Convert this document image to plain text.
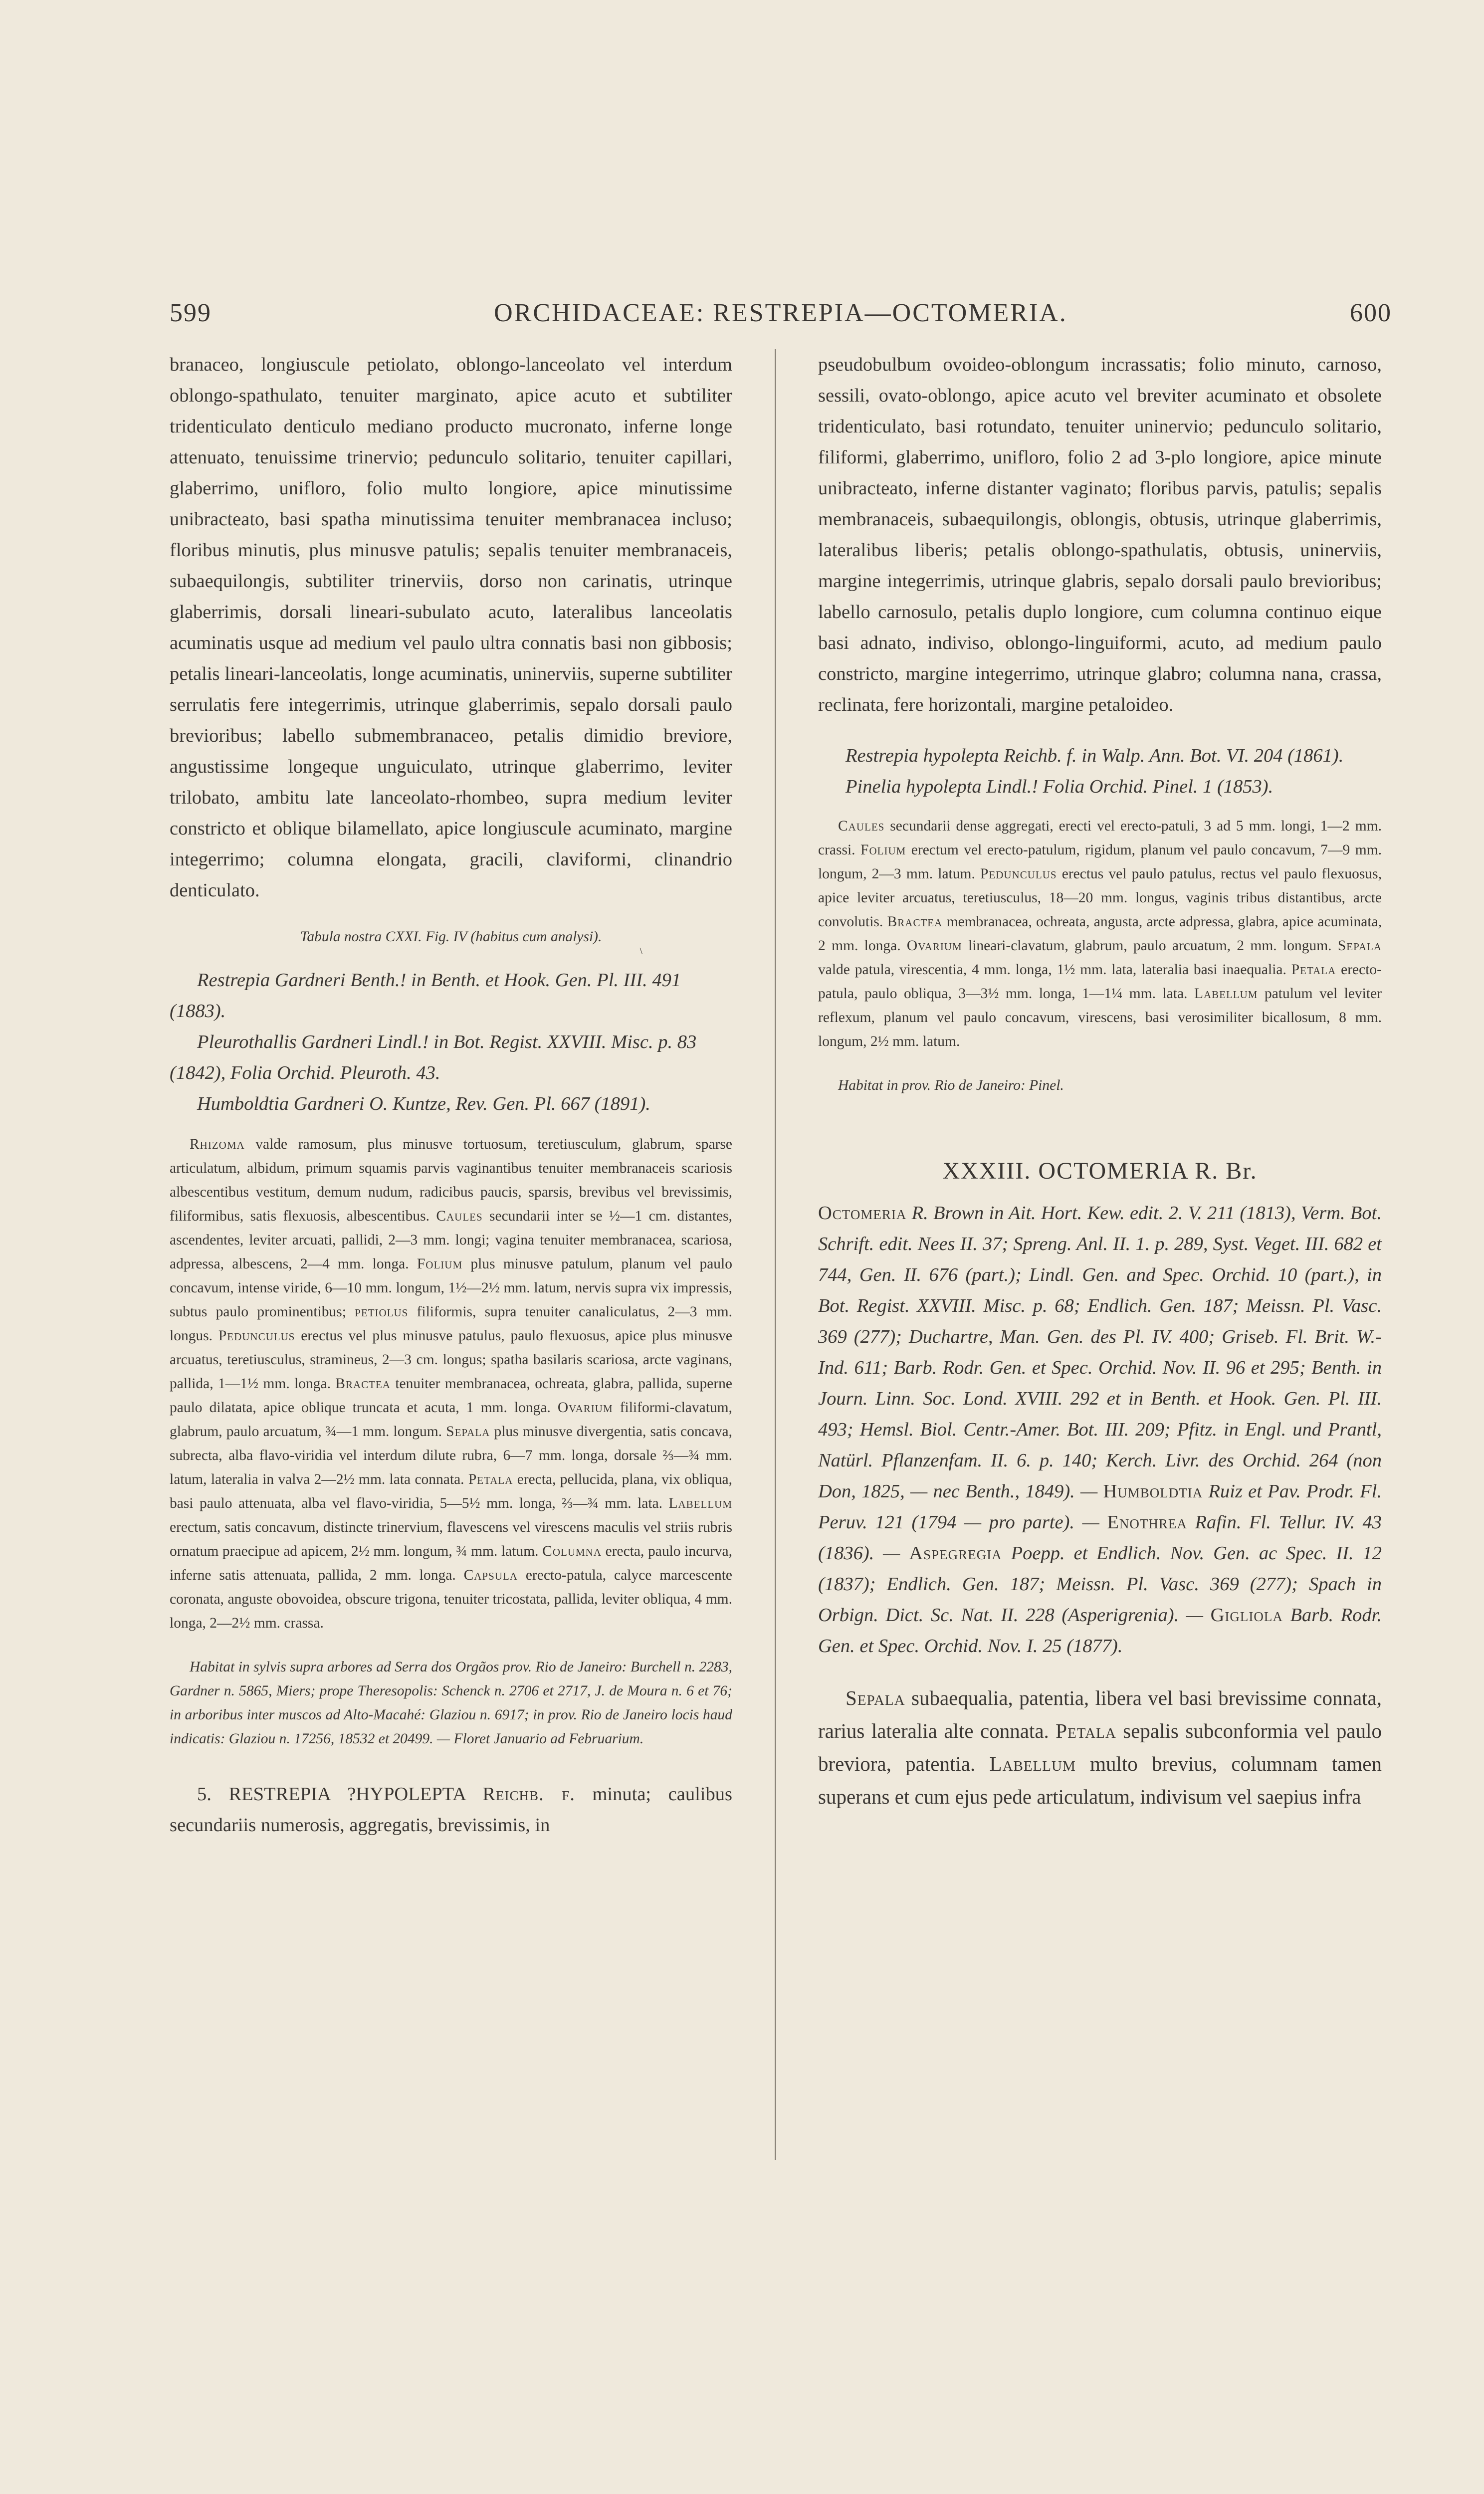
599	ORCHIDACEAE: RESTREPIA—OCTOMERIA.	600

branaceo, longiuscule petiolato, oblongo-lanceolato vel interdum oblongo-spathulato, tenuiter marginato, apice acuto et subtiliter tridenticulato denticulo mediano producto mucronato, inferne longe attenuato, tenuissime trinervio; pedunculo solitario, tenuiter capillari, glaberrimo, unifloro, folio multo longiore, apice minutissime unibracteato, basi spatha minutissima tenuiter membranacea incluso; floribus minutis, plus minusve patulis; sepalis tenuiter membranaceis, subaequilongis, subtiliter trinerviis, dorso non carinatis, utrinque glaberrimis, dorsali lineari-subulato acuto, lateralibus lanceolatis acuminatis usque ad medium vel paulo ultra connatis basi non gibbosis; petalis lineari-lanceolatis, longe acuminatis, uninerviis, superne subtiliter serrulatis fere integerrimis, utrinque glaberrimis, sepalo dorsali paulo brevioribus; labello submembranaceo, petalis dimidio breviore, angustissime longeque unguiculato, utrinque glaberrimo, leviter trilobato, ambitu late lanceolato-rhombeo, supra medium leviter constricto et oblique bilamellato, apice longiuscule acuminato, margine integerrimo; columna elongata, gracili, claviformi, clinandrio denticulato.

Tabula nostra CXXI. Fig. IV (habitus cum analysi).

\

Restrepia Gardneri Benth.! in Benth. et Hook. Gen. Pl. III. 491 (1883).

Pleurothallis Gardneri Lindl.! in Bot. Regist. XXVIII. Misc. p. 83 (1842), Folia Orchid. Pleuroth. 43.

Humboldtia Gardneri O. Kuntze, Rev. Gen. Pl. 667 (1891).

Rhizoma valde ramosum, plus minusve tortuosum, teretiusculum, glabrum, sparse articulatum, albidum, primum squamis parvis vaginantibus tenuiter membranaceis scariosis albescentibus vestitum, demum nudum, radicibus paucis, sparsis, brevibus vel brevissimis, filiformibus, satis flexuosis, albescentibus. Caules secundarii inter se ½—1 cm. distantes, ascendentes, leviter arcuati, pallidi, 2—3 mm. longi; vagina tenuiter membranacea, scariosa, adpressa, albescens, 2—4 mm. longa. Folium plus minusve patulum, planum vel paulo concavum, intense viride, 6—10 mm. longum, 1½—2½ mm. latum, nervis supra vix impressis, subtus paulo prominentibus; petiolus filiformis, supra tenuiter canaliculatus, 2—3 mm. longus. Pedunculus erectus vel plus minusve patulus, paulo flexuosus, apice plus minusve arcuatus, teretiusculus, stramineus, 2—3 cm. longus; spatha basilaris scariosa, arcte vaginans, pallida, 1—1½ mm. longa. Bractea tenuiter membranacea, ochreata, glabra, pallida, superne paulo dilatata, apice oblique truncata et acuta, 1 mm. longa. Ovarium filiformi-clavatum, glabrum, paulo arcuatum, ¾—1 mm. longum. Sepala plus minusve divergentia, satis concava, subrecta, alba flavo-viridia vel interdum dilute rubra, 6—7 mm. longa, dorsale ⅔—¾ mm. latum, lateralia in valva 2—2½ mm. lata connata. Petala erecta, pellucida, plana, vix obliqua, basi paulo attenuata, alba vel flavo-viridia, 5—5½ mm. longa, ⅔—¾ mm. lata. Labellum erectum, satis concavum, distincte trinervium, flavescens vel virescens maculis vel striis rubris ornatum praecipue ad apicem, 2½ mm. longum, ¾ mm. latum. Columna erecta, paulo incurva, inferne satis attenuata, pallida, 2 mm. longa. Capsula erecto-patula, calyce marcescente coronata, anguste obovoidea, obscure trigona, tenuiter tricostata, pallida, leviter obliqua, 4 mm. longa, 2—2½ mm. crassa.

Habitat in sylvis supra arbores ad Serra dos Orgãos prov. Rio de Janeiro: Burchell n. 2283, Gardner n. 5865, Miers; prope Theresopolis: Schenck n. 2706 et 2717, J. de Moura n. 6 et 76; in arboribus inter muscos ad Alto-Macahé: Glaziou n. 6917; in prov. Rio de Janeiro locis haud indicatis: Glaziou n. 17256, 18532 et 20499. — Floret Januario ad Februarium.

5. RESTREPIA ?HYPOLEPTA Reichb. f. minuta; caulibus secundariis numerosis, aggregatis, brevissimis, in

pseudobulbum ovoideo-oblongum incrassatis; folio minuto, carnoso, sessili, ovato-oblongo, apice acuto vel breviter acuminato et obsolete tridenticulato, basi rotundato, tenuiter uninervio; pedunculo solitario, filiformi, glaberrimo, unifloro, folio 2 ad 3-plo longiore, apice minute unibracteato, inferne distanter vaginato; floribus parvis, patulis; sepalis membranaceis, subaequilongis, oblongis, obtusis, utrinque glaberrimis, lateralibus liberis; petalis oblongo-spathulatis, obtusis, uninerviis, margine integerrimis, utrinque glabris, sepalo dorsali paulo brevioribus; labello carnosulo, petalis duplo longiore, cum columna continuo eique basi adnato, indiviso, oblongo-linguiformi, acuto, ad medium paulo constricto, margine integerrimo, utrinque glabro; columna nana, crassa, reclinata, fere horizontali, margine petaloideo.

Restrepia hypolepta Reichb. f. in Walp. Ann. Bot. VI. 204 (1861).

Pinelia hypolepta Lindl.! Folia Orchid. Pinel. 1 (1853).

Caules secundarii dense aggregati, erecti vel erecto-patuli, 3 ad 5 mm. longi, 1—2 mm. crassi. Folium erectum vel erecto-patulum, rigidum, planum vel paulo concavum, 7—9 mm. longum, 2—3 mm. latum. Pedunculus erectus vel paulo patulus, rectus vel paulo flexuosus, apice leviter arcuatus, teretiusculus, 18—20 mm. longus, vaginis tribus distantibus, arcte convolutis. Bractea membranacea, ochreata, angusta, arcte adpressa, glabra, apice acuminata, 2 mm. longa. Ovarium lineari-clavatum, glabrum, paulo arcuatum, 2 mm. longum. Sepala valde patula, virescentia, 4 mm. longa, 1½ mm. lata, lateralia basi inaequalia. Petala erecto-patula, paulo obliqua, 3—3½ mm. longa, 1—1¼ mm. lata. Labellum patulum vel leviter reflexum, planum vel paulo concavum, virescens, basi verosimiliter bicallosum, 8 mm. longum, 2½ mm. latum.

Habitat in prov. Rio de Janeiro: Pinel.

XXXIII. OCTOMERIA R. Br.

Octomeria R. Brown in Ait. Hort. Kew. edit. 2. V. 211 (1813), Verm. Bot. Schrift. edit. Nees II. 37; Spreng. Anl. II. 1. p. 289, Syst. Veget. III. 682 et 744, Gen. II. 676 (part.); Lindl. Gen. and Spec. Orchid. 10 (part.), in Bot. Regist. XXVIII. Misc. p. 68; Endlich. Gen. 187; Meissn. Pl. Vasc. 369 (277); Duchartre, Man. Gen. des Pl. IV. 400; Griseb. Fl. Brit. W.-Ind. 611; Barb. Rodr. Gen. et Spec. Orchid. Nov. II. 96 et 295; Benth. in Journ. Linn. Soc. Lond. XVIII. 292 et in Benth. et Hook. Gen. Pl. III. 493; Hemsl. Biol. Centr.-Amer. Bot. III. 209; Pfitz. in Engl. und Prantl, Natürl. Pflanzenfam. II. 6. p. 140; Kerch. Livr. des Orchid. 264 (non Don, 1825, — nec Benth., 1849). — Humboldtia Ruiz et Pav. Prodr. Fl. Peruv. 121 (1794 — pro parte). — Enothrea Rafin. Fl. Tellur. IV. 43 (1836). — Aspegregia Poepp. et Endlich. Nov. Gen. ac Spec. II. 12 (1837); Endlich. Gen. 187; Meissn. Pl. Vasc. 369 (277); Spach in Orbign. Dict. Sc. Nat. II. 228 (Asperigrenia). — Gigliola Barb. Rodr. Gen. et Spec. Orchid. Nov. I. 25 (1877).

Sepala subaequalia, patentia, libera vel basi brevissime connata, rarius lateralia alte connata. Petala sepalis subconformia vel paulo breviora, patentia. Labellum multo brevius, columnam tamen superans et cum ejus pede articulatum, indivisum vel saepius infra
